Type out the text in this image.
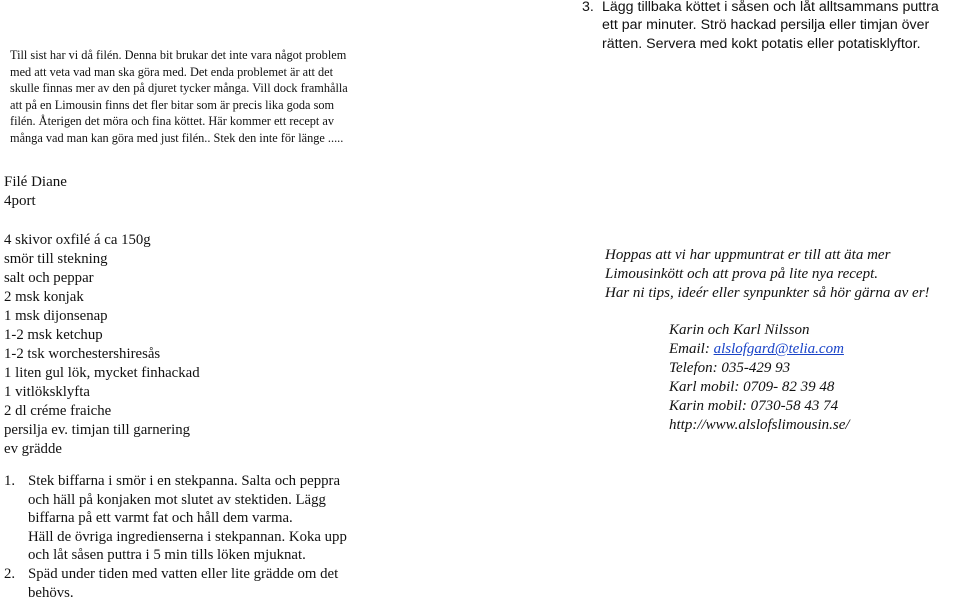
Till sist har vi då filén. Denna bit brukar det inte vara något problem
med att veta vad man ska göra med. Det enda problemet är att det
skulle finnas mer av den på djuret tycker många. Vill dock framhålla
att på en Limousin finns det fler bitar som är precis lika goda som
filén. Återigen det möra och fina köttet. Här kommer ett recept av
många vad man kan göra med just filén.. Stek den inte för länge .....
Filé Diane
4port
4 skivor oxfilé á ca 150g
smör till stekning
salt och peppar
2 msk konjak
1 msk dijonsenap
1-2 msk ketchup
1-2 tsk worchestershiresås
1 liten gul lök, mycket finhackad
1 vitlöksklyfta
2 dl créme fraiche
persilja ev. timjan till garnering
ev grädde
1. Stek biffarna i smör i en stekpanna. Salta och peppra
och häll på konjaken mot slutet av stektiden. Lägg
biffarna på ett varmt fat och håll dem varma.
Häll de övriga ingredienserna i stekpannan. Koka upp
och låt såsen puttra i 5 min tills löken mjuknat.
2. Späd under tiden med vatten eller lite grädde om det
behövs.
3. Lägg tillbaka köttet i såsen och låt alltsammans puttra
ett par minuter. Strö hackad persilja eller timjan över
rätten. Servera med kokt potatis eller potatisklyftor.
Hoppas att vi har uppmuntrat er till att äta mer
Limousinkött och att prova på lite nya recept.
Har ni tips, ideér eller synpunkter så hör gärna av er!
Karin och Karl Nilsson
Email: alslofgard@telia.com
Telefon: 035-429 93
Karl mobil: 0709- 82 39 48
Karin mobil: 0730-58 43 74
http://www.alslofslimousin.se/
